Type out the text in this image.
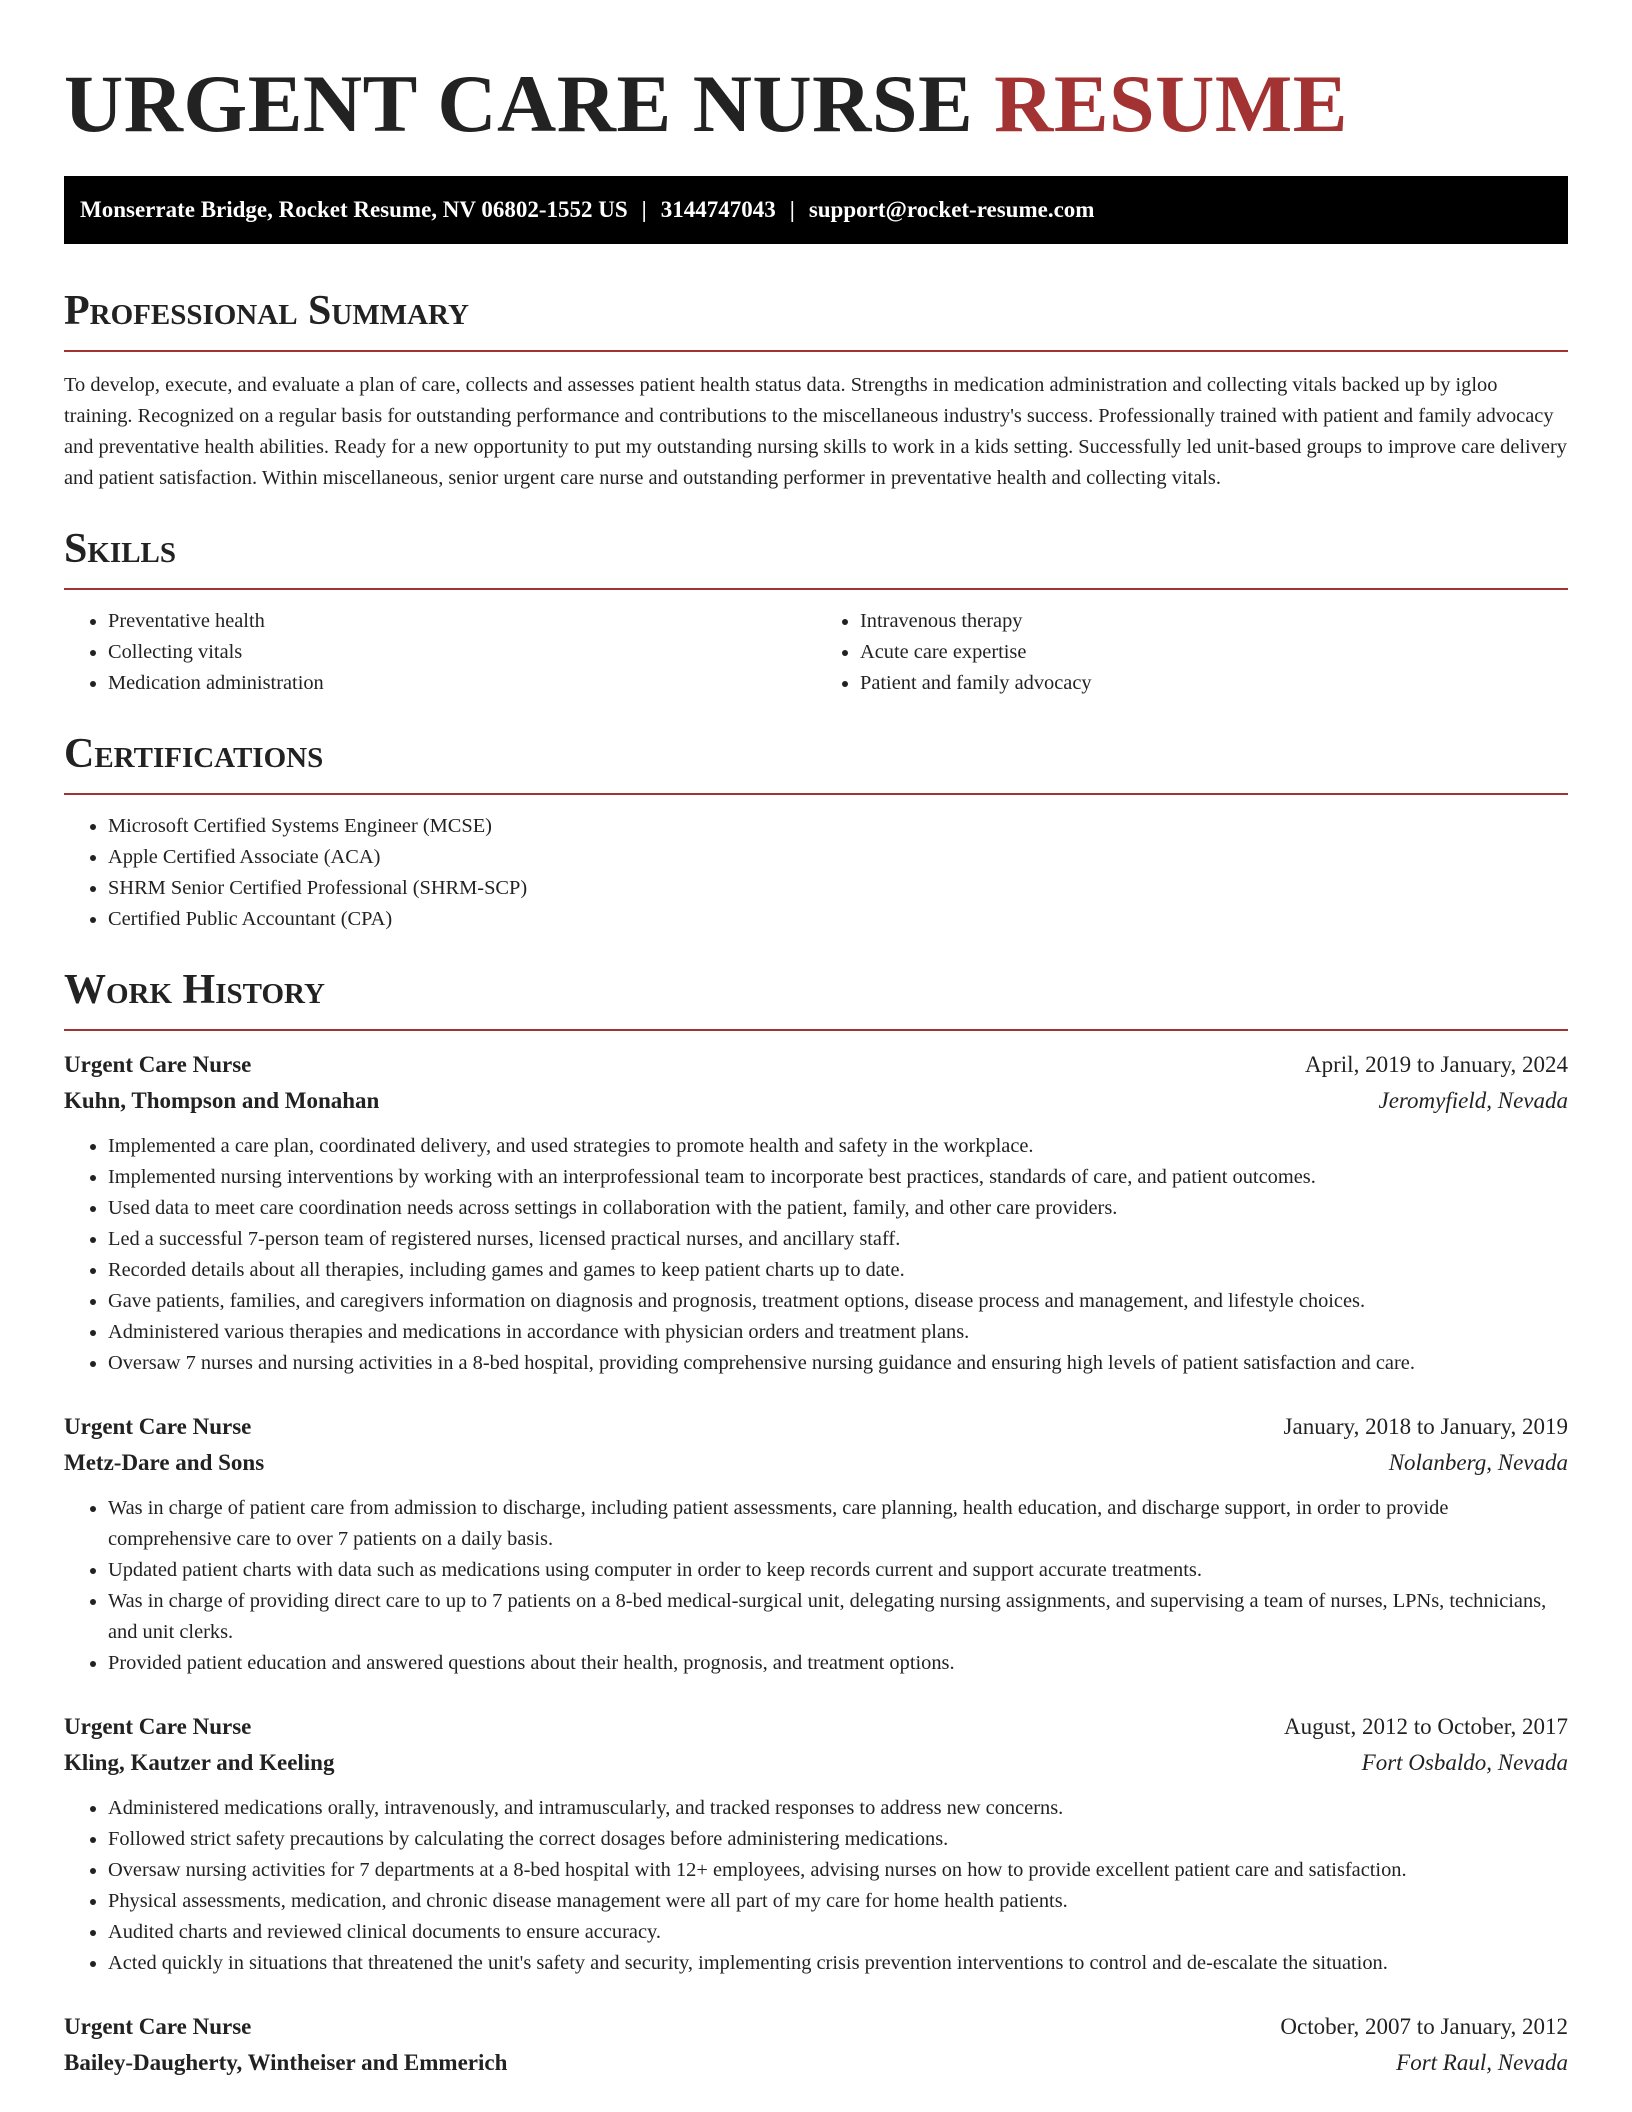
URGENT CARE NURSE RESUME
Monserrate Bridge, Rocket Resume, NV 06802-1552 US | 3144747043 | support@rocket-resume.com
Professional Summary

To develop, execute, and evaluate a plan of care, collects and assesses patient health status data. Strengths in medication administration and collecting vitals backed up by igloo training. Recognized on a regular basis for outstanding performance and contributions to the miscellaneous industry's success. Professionally trained with patient and family advocacy and preventative health abilities. Ready for a new opportunity to put my outstanding nursing skills to work in a kids setting. Successfully led unit-based groups to improve care delivery and patient satisfaction. Within miscellaneous, senior urgent care nurse and outstanding performer in preventative health and collecting vitals.

Skills
• Preventative health
• Collecting vitals
• Medication administration
• Intravenous therapy
• Acute care expertise
• Patient and family advocacy
Certifications
• Microsoft Certified Systems Engineer (MCSE)
• Apple Certified Associate (ACA)
• SHRM Senior Certified Professional (SHRM-SCP)
• Certified Public Accountant (CPA)
Work History
Urgent Care Nurse	April, 2019 to January, 2024
Kuhn, Thompson and Monahan	Jeromyfield, Nevada
• Implemented a care plan, coordinated delivery, and used strategies to promote health and safety in the workplace.
• Implemented nursing interventions by working with an interprofessional team to incorporate best practices, standards of care, and patient outcomes.
• Used data to meet care coordination needs across settings in collaboration with the patient, family, and other care providers.
• Led a successful 7-person team of registered nurses, licensed practical nurses, and ancillary staff.
• Recorded details about all therapies, including games and games to keep patient charts up to date.
• Gave patients, families, and caregivers information on diagnosis and prognosis, treatment options, disease process and management, and lifestyle choices.
• Administered various therapies and medications in accordance with physician orders and treatment plans.
• Oversaw 7 nurses and nursing activities in a 8-bed hospital, providing comprehensive nursing guidance and ensuring high levels of patient satisfaction and care.
Urgent Care Nurse	January, 2018 to January, 2019
Metz-Dare and Sons	Nolanberg, Nevada
• Was in charge of patient care from admission to discharge, including patient assessments, care planning, health education, and discharge support, in order to provide comprehensive care to over 7 patients on a daily basis.
• Updated patient charts with data such as medications using computer in order to keep records current and support accurate treatments.
• Was in charge of providing direct care to up to 7 patients on a 8-bed medical-surgical unit, delegating nursing assignments, and supervising a team of nurses, LPNs, technicians, and unit clerks.
• Provided patient education and answered questions about their health, prognosis, and treatment options.
Urgent Care Nurse	August, 2012 to October, 2017
Kling, Kautzer and Keeling	Fort Osbaldo, Nevada
• Administered medications orally, intravenously, and intramuscularly, and tracked responses to address new concerns.
• Followed strict safety precautions by calculating the correct dosages before administering medications.
• Oversaw nursing activities for 7 departments at a 8-bed hospital with 12+ employees, advising nurses on how to provide excellent patient care and satisfaction.
• Physical assessments, medication, and chronic disease management were all part of my care for home health patients.
• Audited charts and reviewed clinical documents to ensure accuracy.
• Acted quickly in situations that threatened the unit's safety and security, implementing crisis prevention interventions to control and de-escalate the situation.
Urgent Care Nurse	October, 2007 to January, 2012
Bailey-Daugherty, Wintheiser and Emmerich	Fort Raul, Nevada
